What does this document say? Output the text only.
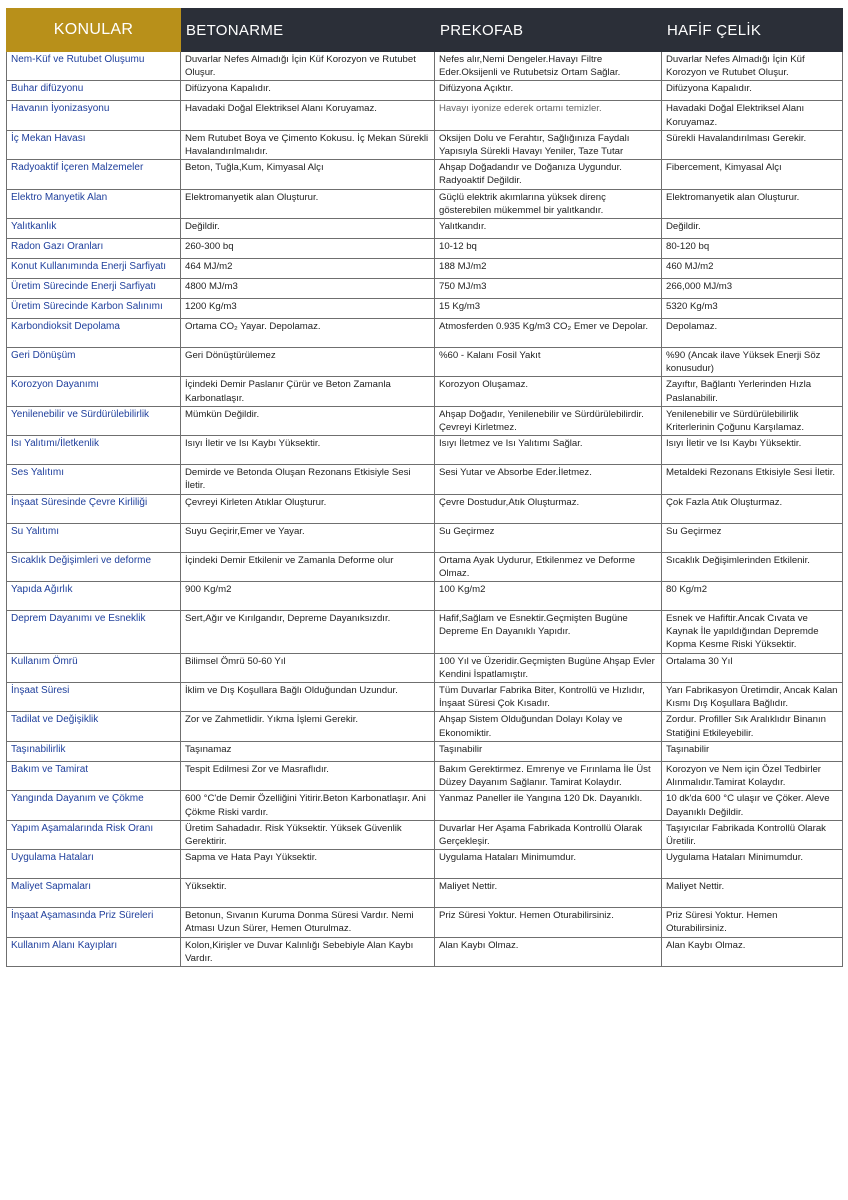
KONULAR	BETONARME	PREKOFAB	HAFİF ÇELİK
Nem-Küf ve Rutubet Oluşumu	Duvarlar Nefes Almadığı İçin Küf Korozyon ve Rutubet Oluşur.	Nefes alır,Nemi Dengeler.Havayı Filtre Eder.Oksijenli ve Rutubetsiz Ortam Sağlar.	Duvarlar Nefes Almadığı İçin Küf Korozyon ve Rutubet Oluşur.
Buhar difüzyonu	Difüzyona Kapalıdır.	Difüzyona Açıktır.	Difüzyona Kapalıdır.
Havanın İyonizasyonu	Havadaki Doğal Elektriksel Alanı Koruyamaz.	Havayı iyonize ederek ortamı temizler.	Havadaki Doğal Elektriksel Alanı Koruyamaz.
İç Mekan Havası	Nem Rutubet Boya ve Çimento Kokusu. İç Mekan Sürekli Havalandırılmalıdır.	Oksijen Dolu ve Ferahtır, Sağlığınıza Faydalı Yapısıyla Sürekli Havayı Yeniler, Taze Tutar	Sürekli Havalandırılması Gerekir.
Radyoaktif İçeren Malzemeler	Beton, Tuğla,Kum, Kimyasal Alçı	Ahşap Doğadandır ve Doğanıza Uygundur. Radyoaktif Değildir.	Fibercement, Kimyasal Alçı
Elektro Manyetik Alan	Elektromanyetik alan Oluşturur.	Güçlü elektrik akımlarına yüksek direnç gösterebilen mükemmel bir yalıtkandır.	Elektromanyetik alan Oluşturur.
Yalıtkanlık	Değildir.	Yalıtkandır.	Değildir.
Radon Gazı Oranları	260-300 bq	10-12 bq	80-120 bq
Konut Kullanımında Enerji Sarfiyatı	464 MJ/m2	188 MJ/m2	460 MJ/m2
Üretim Sürecinde Enerji Sarfiyatı	4800 MJ/m3	750 MJ/m3	266,000 MJ/m3
Üretim Sürecinde Karbon Salınımı	1200 Kg/m3	15 Kg/m3	5320 Kg/m3
Karbondioksit Depolama	Ortama CO₂ Yayar. Depolamaz.	Atmosferden 0.935 Kg/m3 CO₂ Emer ve Depolar.	Depolamaz.
Geri Dönüşüm	Geri Dönüştürülemez	%60 - Kalanı Fosil Yakıt	%90 (Ancak ilave Yüksek Enerji Söz konusudur)
Korozyon Dayanımı	İçindeki Demir Paslanır Çürür ve Beton Zamanla Karbonatlaşır.	Korozyon Oluşamaz.	Zayıftır, Bağlantı Yerlerinden Hızla Paslanabilir.
Yenilenebilir ve Sürdürülebilirlik	Mümkün Değildir.	Ahşap Doğadır, Yenilenebilir ve Sürdürülebilirdir. Çevreyi Kirletmez.	Yenilenebilir ve Sürdürülebilirlik Kriterlerinin Çoğunu Karşılamaz.
Isı Yalıtımı/İletkenlik	Isıyı İletir ve Isı Kaybı Yüksektir.	Isıyı İletmez ve Isı Yalıtımı Sağlar.	Isıyı İletir ve Isı Kaybı Yüksektir.
Ses Yalıtımı	Demirde ve Betonda Oluşan Rezonans Etkisiyle Sesi İletir.	Sesi Yutar ve Absorbe Eder.İletmez.	Metaldeki Rezonans Etkisiyle Sesi İletir.
İnşaat Süresinde Çevre Kirliliği	Çevreyi Kirleten Atıklar Oluşturur.	Çevre Dostudur,Atık Oluşturmaz.	Çok Fazla Atık Oluşturmaz.
Su Yalıtımı	Suyu Geçirir,Emer ve Yayar.	Su Geçirmez	Su Geçirmez
Sıcaklık Değişimleri ve deforme	İçindeki Demir Etkilenir ve Zamanla Deforme olur	Ortama Ayak Uydurur, Etkilenmez ve Deforme Olmaz.	Sıcaklık Değişimlerinden Etkilenir.
Yapıda Ağırlık	900 Kg/m2	100 Kg/m2	80 Kg/m2
Deprem Dayanımı ve Esneklik	Sert,Ağır ve Kırılgandır, Depreme Dayanıksızdır.	Hafif,Sağlam ve Esnektir.Geçmişten Bugüne Depreme En Dayanıklı Yapıdır.	Esnek ve Hafiftir.Ancak Cıvata ve Kaynak İle yapıldığından Depremde Kopma Kesme Riski Yüksektir.
Kullanım Ömrü	Bilimsel Ömrü 50-60 Yıl	100 Yıl ve Üzeridir.Geçmişten Bugüne Ahşap Evler Kendini İspatlamıştır.	Ortalama 30 Yıl
İnşaat Süresi	İklim ve Dış Koşullara Bağlı Olduğundan Uzundur.	Tüm Duvarlar Fabrika Biter, Kontrollü ve Hızlıdır, İnşaat Süresi Çok Kısadır.	Yarı Fabrikasyon Üretimdir, Ancak Kalan Kısmı Dış Koşullara Bağlıdır.
Tadilat ve Değişiklik	Zor ve Zahmetlidir. Yıkma İşlemi Gerekir.	Ahşap Sistem Olduğundan Dolayı Kolay ve Ekonomiktir.	Zordur. Profiller Sık Aralıklıdır Binanın Statiğini Etkileyebilir.
Taşınabilirlik	Taşınamaz	Taşınabilir	Taşınabilir
Bakım ve Tamirat	Tespit Edilmesi Zor ve Masraflıdır.	Bakım Gerektirmez. Emrenye ve Fırınlama İle Üst Düzey Dayanım Sağlanır. Tamirat Kolaydır.	Korozyon ve Nem için Özel Tedbirler Alınmalıdır.Tamirat Kolaydır.
Yangında Dayanım ve Çökme	600 °C'de Demir Özelliğini Yitirir.Beton Karbonatlaşır. Ani Çökme Riski vardır.	Yanmaz Paneller ile Yangına 120 Dk. Dayanıklı.	10 dk'da 600 °C ulaşır ve Çöker. Aleve Dayanıklı Değildir.
Yapım Aşamalarında Risk Oranı	Üretim Sahadadır. Risk Yüksektir. Yüksek Güvenlik Gerektirir.	Duvarlar Her Aşama Fabrikada Kontrollü Olarak Gerçekleşir.	Taşıyıcılar Fabrikada Kontrollü Olarak Üretilir.
Uygulama Hataları	Sapma ve Hata Payı Yüksektir.	Uygulama Hataları Minimumdur.	Uygulama Hataları Minimumdur.
Maliyet Sapmaları	Yüksektir.	Maliyet Nettir.	Maliyet Nettir.
İnşaat Aşamasında Priz Süreleri	Betonun, Sıvanın Kuruma Donma Süresi Vardır. Nemi Atması Uzun Sürer, Hemen Oturulmaz.	Priz Süresi Yoktur. Hemen Oturabilirsiniz.	Priz Süresi Yoktur. Hemen Oturabilirsiniz.
Kullanım Alanı Kayıpları	Kolon,Kirişler ve Duvar Kalınlığı Sebebiyle Alan Kaybı Vardır.	Alan Kaybı Olmaz.	Alan Kaybı Olmaz.
